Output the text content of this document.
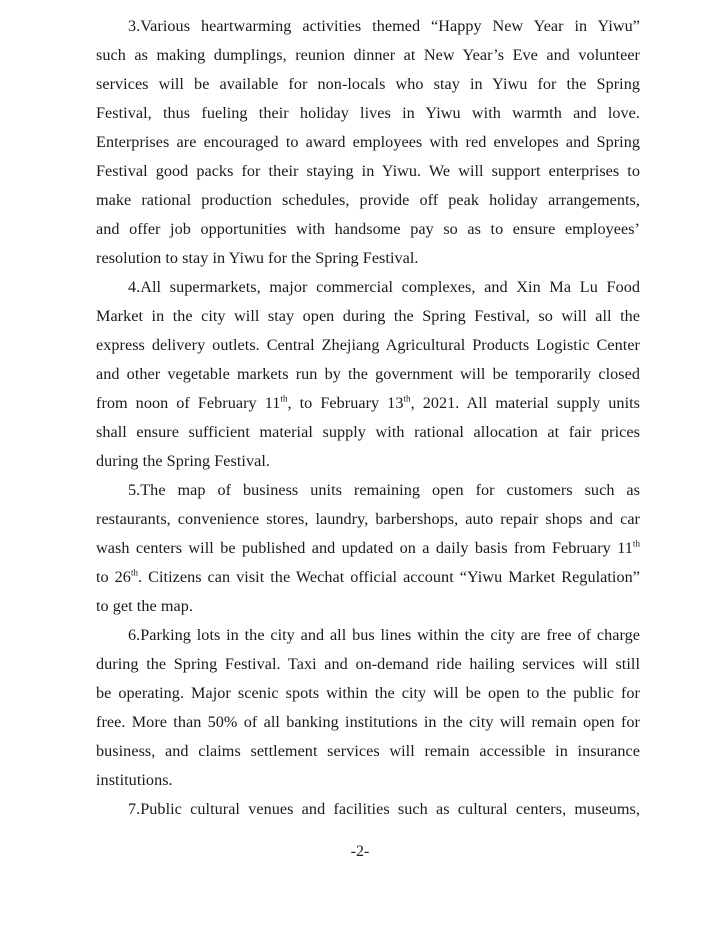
3.Various heartwarming activities themed “Happy New Year in Yiwu”
such as making dumplings, reunion dinner at New Year’s Eve and volunteer
services will be available for non-locals who stay in Yiwu for the Spring
Festival, thus fueling their holiday lives in Yiwu with warmth and love.
Enterprises are encouraged to award employees with red envelopes and Spring
Festival good packs for their staying in Yiwu. We will support enterprises to
make rational production schedules, provide off peak holiday arrangements,
and offer job opportunities with handsome pay so as to ensure employees’
resolution to stay in Yiwu for the Spring Festival.

4.All supermarkets, major commercial complexes, and Xin Ma Lu Food
Market in the city will stay open during the Spring Festival, so will all the
express delivery outlets. Central Zhejiang Agricultural Products Logistic Center
and other vegetable markets run by the government will be temporarily closed
from noon of February 11th, to February 13th, 2021. All material supply units
shall ensure sufficient material supply with rational allocation at fair prices
during the Spring Festival.

5.The map of business units remaining open for customers such as
restaurants, convenience stores, laundry, barbershops, auto repair shops and car
wash centers will be published and updated on a daily basis from February 11th
to 26th. Citizens can visit the Wechat official account “Yiwu Market Regulation”
to get the map.

6.Parking lots in the city and all bus lines within the city are free of charge
during the Spring Festival. Taxi and on-demand ride hailing services will still
be operating. Major scenic spots within the city will be open to the public for
free. More than 50% of all banking institutions in the city will remain open for
business, and claims settlement services will remain accessible in insurance
institutions.

7.Public cultural venues and facilities such as cultural centers, museums,

-2-
